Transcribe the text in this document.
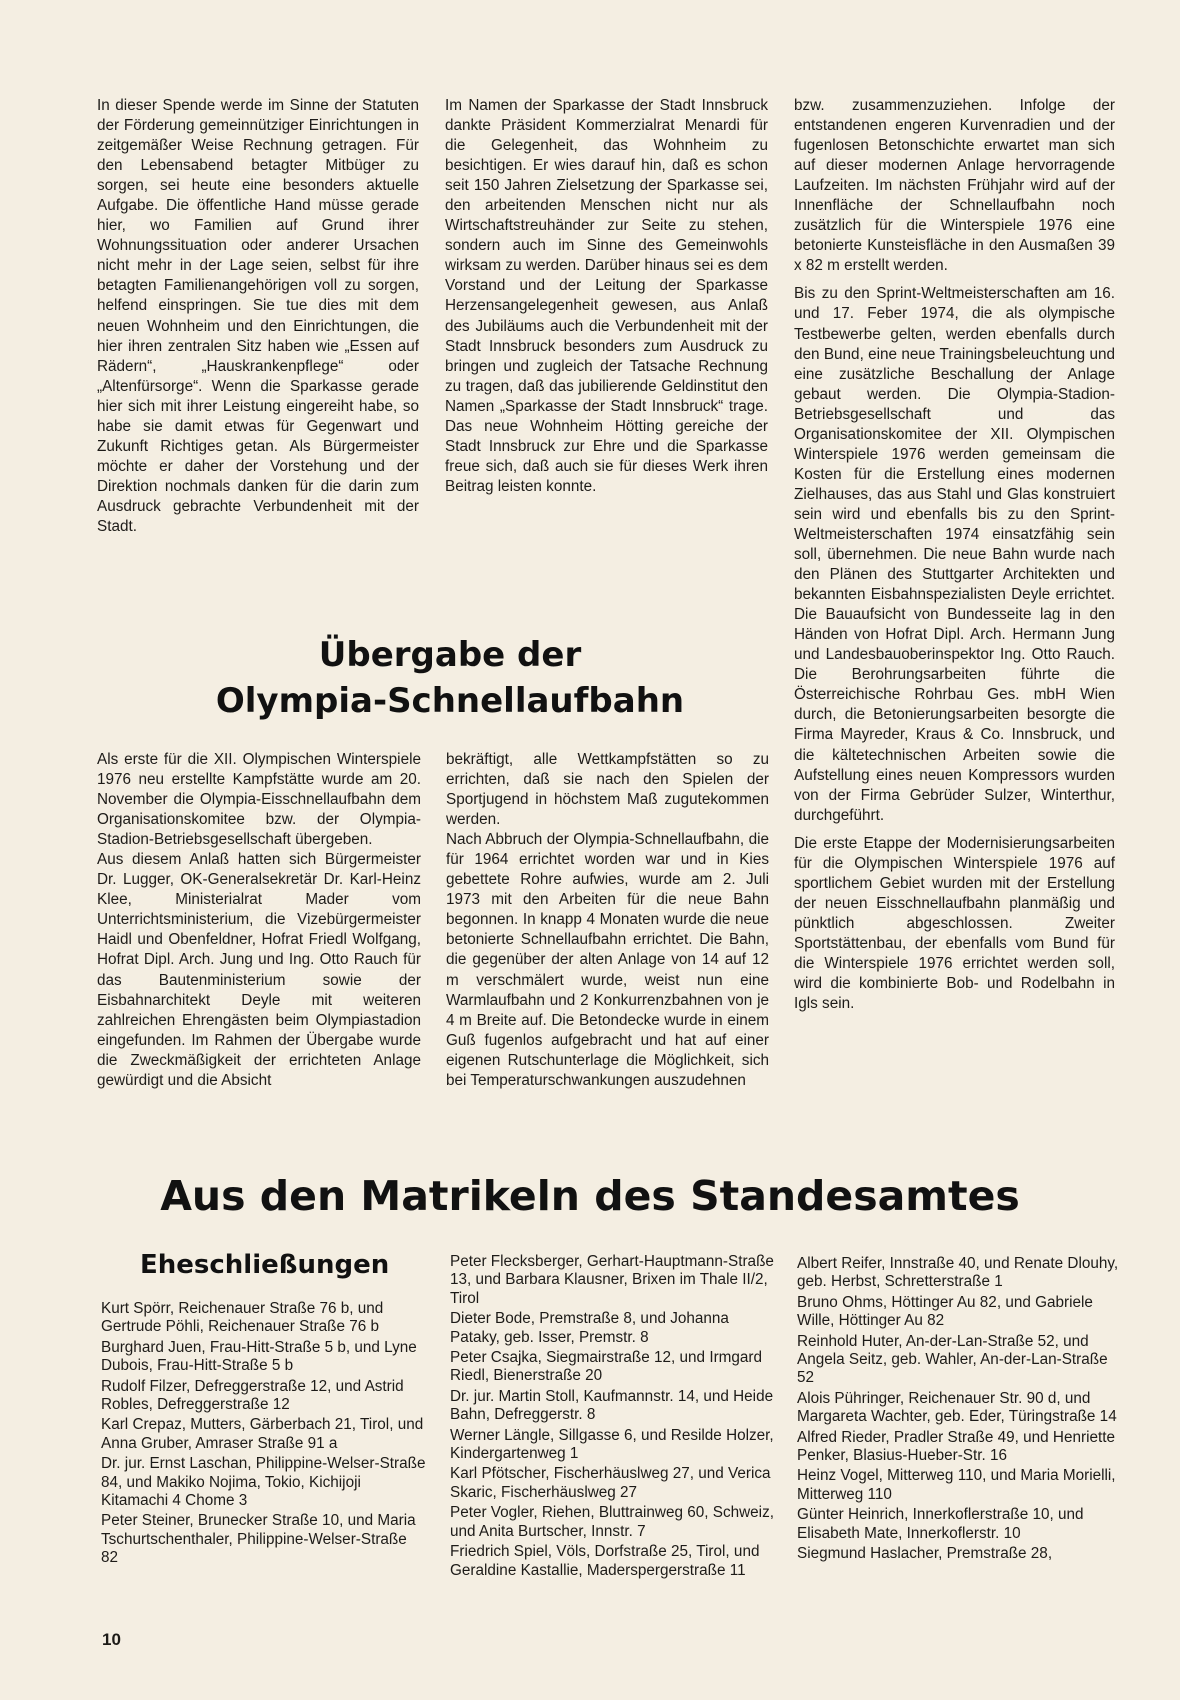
In dieser Spende werde im Sinne der Statuten der Förderung gemeinnütziger Einrichtungen in zeitgemäßer Weise Rechnung getragen. Für den Lebensabend betagter Mitbüger zu sorgen, sei heute eine besonders aktuelle Aufgabe. Die öffentliche Hand müsse gerade hier, wo Familien auf Grund ihrer Wohnungssituation oder anderer Ursachen nicht mehr in der Lage seien, selbst für ihre betagten Familienangehörigen voll zu sorgen, helfend einspringen. Sie tue dies mit dem neuen Wohnheim und den Einrichtungen, die hier ihren zentralen Sitz haben wie „Essen auf Rädern“, „Hauskrankenpflege“ oder „Altenfürsorge“. Wenn die Sparkasse gerade hier sich mit ihrer Leistung eingereiht habe, so habe sie damit etwas für Gegenwart und Zukunft Richtiges getan. Als Bürgermeister möchte er daher der Vorstehung und der Direktion nochmals danken für die darin zum Ausdruck gebrachte Verbundenheit mit der Stadt.

Im Namen der Sparkasse der Stadt Innsbruck dankte Präsident Kommerzialrat Menardi für die Gelegenheit, das Wohnheim zu besichtigen. Er wies darauf hin, daß es schon seit 150 Jahren Zielsetzung der Sparkasse sei, den arbeitenden Menschen nicht nur als Wirtschaftstreuhänder zur Seite zu stehen, sondern auch im Sinne des Gemeinwohls wirksam zu werden. Darüber hinaus sei es dem Vorstand und der Leitung der Sparkasse Herzensangelegenheit gewesen, aus Anlaß des Jubiläums auch die Verbundenheit mit der Stadt Innsbruck besonders zum Ausdruck zu bringen und zugleich der Tatsache Rechnung zu tragen, daß das jubilierende Geldinstitut den Namen „Sparkasse der Stadt Innsbruck“ trage. Das neue Wohnheim Hötting gereiche der Stadt Innsbruck zur Ehre und die Sparkasse freue sich, daß auch sie für dieses Werk ihren Beitrag leisten konnte.

Übergabe der
Olympia-Schnellaufbahn

Als erste für die XII. Olympischen Winterspiele 1976 neu erstellte Kampfstätte wurde am 20. November die Olympia-Eisschnellaufbahn dem Organisationskomitee bzw. der Olympia-Stadion-Betriebsgesellschaft übergeben.

Aus diesem Anlaß hatten sich Bürgermeister Dr. Lugger, OK-Generalsekretär Dr. Karl-Heinz Klee, Ministerialrat Mader vom Unterrichtsministerium, die Vizebürgermeister Haidl und Obenfeldner, Hofrat Friedl Wolfgang, Hofrat Dipl. Arch. Jung und Ing. Otto Rauch für das Bautenministerium sowie der Eisbahnarchitekt Deyle mit weiteren zahlreichen Ehrengästen beim Olympiastadion eingefunden. Im Rahmen der Übergabe wurde die Zweckmäßigkeit der errichteten Anlage gewürdigt und die Absicht

bekräftigt, alle Wettkampfstätten so zu errichten, daß sie nach den Spielen der Sportjugend in höchstem Maß zugutekommen werden.

Nach Abbruch der Olympia-Schnellaufbahn, die für 1964 errichtet worden war und in Kies gebettete Rohre aufwies, wurde am 2. Juli 1973 mit den Arbeiten für die neue Bahn begonnen. In knapp 4 Monaten wurde die neue betonierte Schnellaufbahn errichtet. Die Bahn, die gegenüber der alten Anlage von 14 auf 12 m verschmälert wurde, weist nun eine Warmlaufbahn und 2 Konkurrenzbahnen von je 4 m Breite auf. Die Betondecke wurde in einem Guß fugenlos aufgebracht und hat auf einer eigenen Rutschunterlage die Möglichkeit, sich bei Temperaturschwankungen auszudehnen

bzw. zusammenzuziehen. Infolge der entstandenen engeren Kurvenradien und der fugenlosen Betonschichte erwartet man sich auf dieser modernen Anlage hervorragende Laufzeiten. Im nächsten Frühjahr wird auf der Innenfläche der Schnellaufbahn noch zusätzlich für die Winterspiele 1976 eine betonierte Kunsteisfläche in den Ausmaßen 39 x 82 m erstellt werden.

Bis zu den Sprint-Weltmeisterschaften am 16. und 17. Feber 1974, die als olympische Testbewerbe gelten, werden ebenfalls durch den Bund, eine neue Trainingsbeleuchtung und eine zusätzliche Beschallung der Anlage gebaut werden. Die Olympia-Stadion-Betriebsgesellschaft und das Organisationskomitee der XII. Olympischen Winterspiele 1976 werden gemeinsam die Kosten für die Erstellung eines modernen Zielhauses, das aus Stahl und Glas konstruiert sein wird und ebenfalls bis zu den Sprint-Weltmeisterschaften 1974 einsatzfähig sein soll, übernehmen. Die neue Bahn wurde nach den Plänen des Stuttgarter Architekten und bekannten Eisbahnspezialisten Deyle errichtet. Die Bauaufsicht von Bundesseite lag in den Händen von Hofrat Dipl. Arch. Hermann Jung und Landesbauoberinspektor Ing. Otto Rauch. Die Berohrungsarbeiten führte die Österreichische Rohrbau Ges. mbH Wien durch, die Betonierungsarbeiten besorgte die Firma Mayreder, Kraus & Co. Innsbruck, und die kältetechnischen Arbeiten sowie die Aufstellung eines neuen Kompressors wurden von der Firma Gebrüder Sulzer, Winterthur, durchgeführt.

Die erste Etappe der Modernisierungsarbeiten für die Olympischen Winterspiele 1976 auf sportlichem Gebiet wurden mit der Erstellung der neuen Eisschnellaufbahn planmäßig und pünktlich abgeschlossen. Zweiter Sportstättenbau, der ebenfalls vom Bund für die Winterspiele 1976 errichtet werden soll, wird die kombinierte Bob- und Rodelbahn in Igls sein.

Aus den Matrikeln des Standesamtes
Eheschließungen

Kurt Spörr, Reichenauer Straße 76 b, und Gertrude Pöhli, Reichenauer Straße 76 b

Burghard Juen, Frau-Hitt-Straße 5 b, und Lyne Dubois, Frau-Hitt-Straße 5 b

Rudolf Filzer, Defreggerstraße 12, und Astrid Robles, Defreggerstraße 12

Karl Crepaz, Mutters, Gärberbach 21, Tirol, und Anna Gruber, Amraser Straße 91 a

Dr. jur. Ernst Laschan, Philippine-Welser-Straße 84, und Makiko Nojima, Tokio, Kichijoji Kitamachi 4 Chome 3

Peter Steiner, Brunecker Straße 10, und Maria Tschurtschenthaler, Philippine-Welser-Straße 82

Peter Flecksberger, Gerhart-Hauptmann-Straße 13, und Barbara Klausner, Brixen im Thale II/2, Tirol

Dieter Bode, Premstraße 8, und Johanna Pataky, geb. Isser, Premstr. 8

Peter Csajka, Siegmairstraße 12, und Irmgard Riedl, Bienerstraße 20

Dr. jur. Martin Stoll, Kaufmannstr. 14, und Heide Bahn, Defreggerstr. 8

Werner Längle, Sillgasse 6, und Resilde Holzer, Kindergartenweg 1

Karl Pfötscher, Fischerhäuslweg 27, und Verica Skaric, Fischerhäuslweg 27

Peter Vogler, Riehen, Bluttrainweg 60, Schweiz, und Anita Burtscher, Innstr. 7

Friedrich Spiel, Völs, Dorfstraße 25, Tirol, und Geraldine Kastallie, Maderspergerstraße 11

Albert Reifer, Innstraße 40, und Renate Dlouhy, geb. Herbst, Schretterstraße 1

Bruno Ohms, Höttinger Au 82, und Gabriele Wille, Höttinger Au 82

Reinhold Huter, An-der-Lan-Straße 52, und Angela Seitz, geb. Wahler, An-der-Lan-Straße 52

Alois Pühringer, Reichenauer Str. 90 d, und Margareta Wachter, geb. Eder, Türingstraße 14

Alfred Rieder, Pradler Straße 49, und Henriette Penker, Blasius-Hueber-Str. 16

Heinz Vogel, Mitterweg 110, und Maria Morielli, Mitterweg 110

Günter Heinrich, Innerkoflerstraße 10, und Elisabeth Mate, Innerkoflerstr. 10

Siegmund Haslacher, Premstraße 28,

10
